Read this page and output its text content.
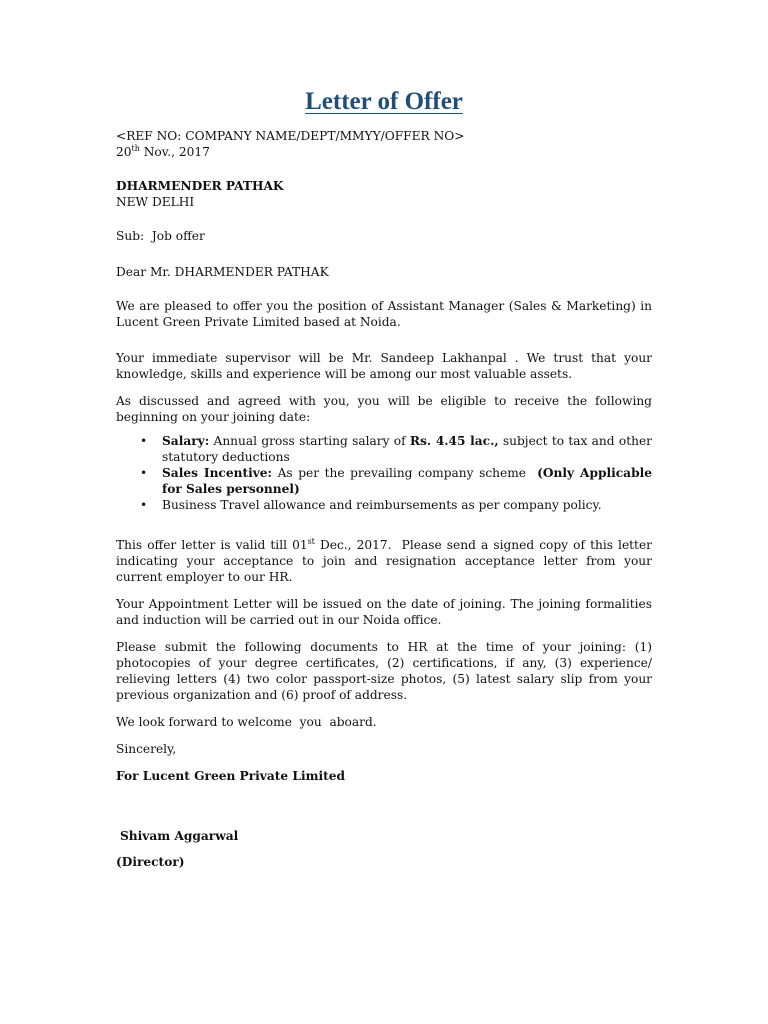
Letter of Offer

<REF NO: COMPANY NAME/DEPT/MMYY/OFFER NO>

20th Nov., 2017

DHARMENDER PATHAK

NEW DELHI

Sub:  Job offer

Dear Mr. DHARMENDER PATHAK

We are pleased to offer you the position of Assistant Manager (Sales & Marketing) in Lucent Green Private Limited based at Noida.

Your immediate supervisor will be Mr. Sandeep Lakhanpal . We trust that your knowledge, skills and experience will be among our most valuable assets.

As discussed and agreed with you, you will be eligible to receive the following beginning on your joining date:

• Salary: Annual gross starting salary of Rs. 4.45 lac., subject to tax and other statutory deductions
• Sales Incentive: As per the prevailing company scheme  (Only Applicable for Sales personnel)
• Business Travel allowance and reimbursements as per company policy.

This offer letter is valid till 01st Dec., 2017.  Please send a signed copy of this letter indicating your acceptance to join and resignation acceptance letter from your current employer to our HR.

Your Appointment Letter will be issued on the date of joining. The joining formalities and induction will be carried out in our Noida office.

Please submit the following documents to HR at the time of your joining: (1) photocopies of your degree certificates, (2) certifications, if any, (3) experience/ relieving letters (4) two color passport-size photos, (5) latest salary slip from your previous organization and (6) proof of address.

We look forward to welcome  you  aboard.

Sincerely,

For Lucent Green Private Limited

Shivam Aggarwal

(Director)
